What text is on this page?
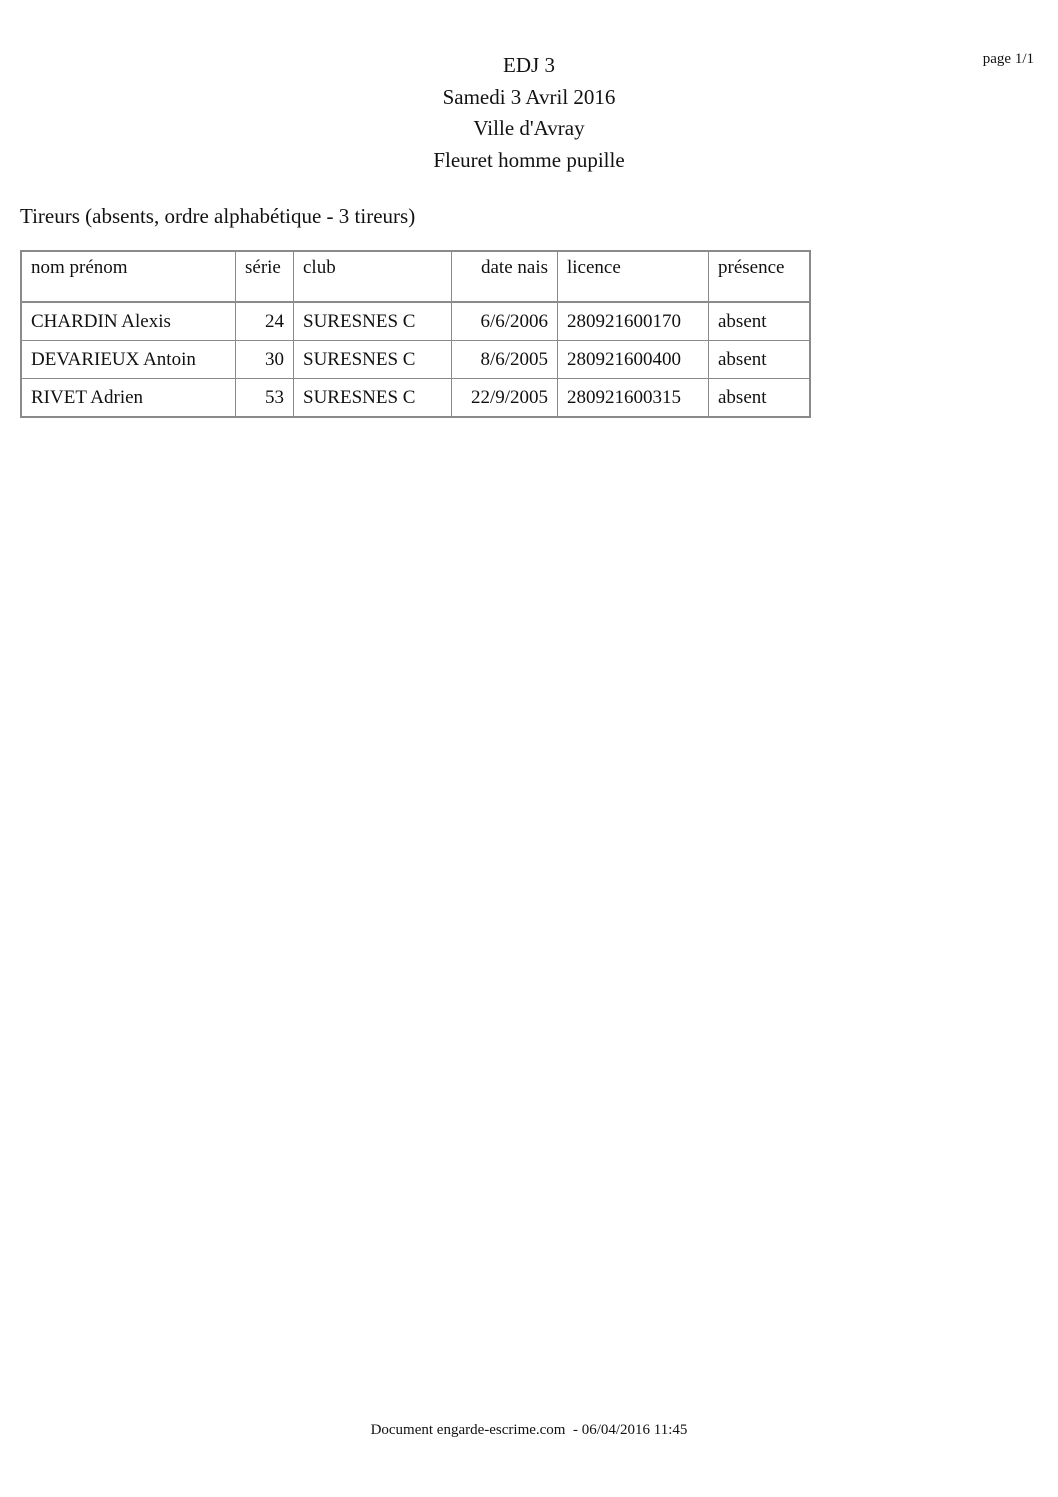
page 1/1
EDJ 3
Samedi 3 Avril 2016
Ville d'Avray
Fleuret homme pupille
Tireurs (absents, ordre alphabétique - 3 tireurs)
nom prénom	série	club	date nais	licence	présence
CHARDIN Alexis	24	SURESNES C	6/6/2006	280921600170	absent
DEVARIEUX Antoin	30	SURESNES C	8/6/2005	280921600400	absent
RIVET Adrien	53	SURESNES C	22/9/2005	280921600315	absent
Document engarde-escrime.com  - 06/04/2016 11:45
